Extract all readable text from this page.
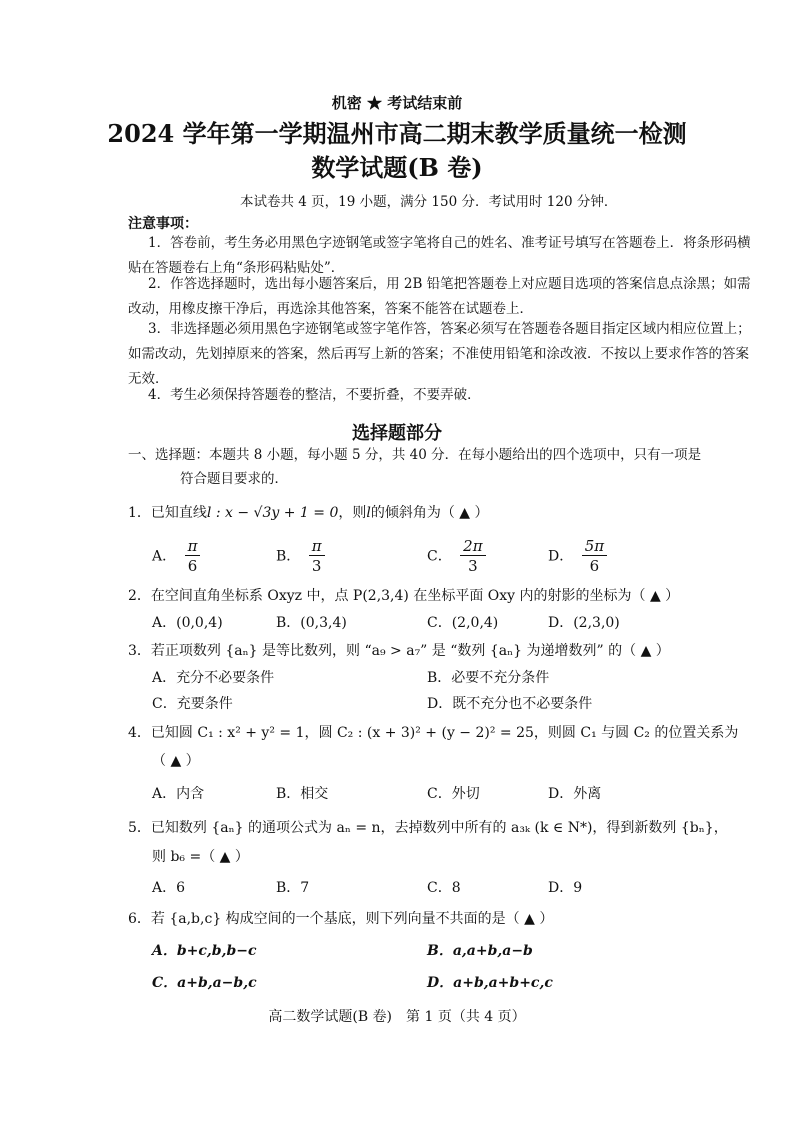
机密 ★ 考试结束前
2024 学年第一学期温州市高二期末教学质量统一检测
数学试题(B 卷)
本试卷共 4 页，19 小题，满分 150 分．考试用时 120 分钟．
注意事项：
1．答卷前，考生务必用黑色字迹钢笔或签字笔将自己的姓名、准考证号填写在答题卷上．将条形码横贴在答题卷右上角“条形码粘贴处”．
2．作答选择题时，选出每小题答案后，用 2B 铅笔把答题卷上对应题目选项的答案信息点涂黑；如需改动，用橡皮擦干净后，再选涂其他答案，答案不能答在试题卷上．
3．非选择题必须用黑色字迹钢笔或签字笔作答，答案必须写在答题卷各题目指定区域内相应位置上；如需改动，先划掉原来的答案，然后再写上新的答案；不准使用铅笔和涂改液．不按以上要求作答的答案无效．
4．考生必须保持答题卷的整洁，不要折叠，不要弄破．
选择题部分
一、选择题：本题共 8 小题，每小题 5 分，共 40 分．在每小题给出的四个选项中，只有一项是
符合题目要求的．
1．已知直线l : x − √3y + 1 = 0，则l的倾斜角为（ ▲ ）
A． $\frac{\pi}{6}$	B． $\frac{\pi}{3}$	C． $\frac{2\pi}{3}$	D． $\frac{5\pi}{6}$
2．在空间直角坐标系 Oxyz 中，点 P(2,3,4) 在坐标平面 Oxy 内的射影的坐标为（ ▲ ）
A．(0,0,4)	B．(0,3,4)	C．(2,0,4)	D．(2,3,0)
3．若正项数列 {aₙ} 是等比数列，则 “a₉ > a₇” 是 “数列 {aₙ} 为递增数列” 的（ ▲ ）
A．充分不必要条件	B．必要不充分条件
C．充要条件	D．既不充分也不必要条件
4．已知圆 C₁ : x² + y² = 1，圆 C₂ : (x + 3)² + (y − 2)² = 25，则圆 C₁ 与圆 C₂ 的位置关系为
（ ▲ ）
A．内含	B．相交	C．外切	D．外离
5．已知数列 {aₙ} 的通项公式为 aₙ = n，去掉数列中所有的 a₃ₖ (k ∈ N*)，得到新数列 {bₙ}，
则 b₆ =（ ▲ ）
A．6	B．7	C．8	D．9
6．若 {a,b,c} 构成空间的一个基底，则下列向量不共面的是（ ▲ ）
A．b+c,b,b−c	B．a,a+b,a−b
C．a+b,a−b,c	D．a+b,a+b+c,c
高二数学试题(B 卷)　第 1 页（共 4 页）
